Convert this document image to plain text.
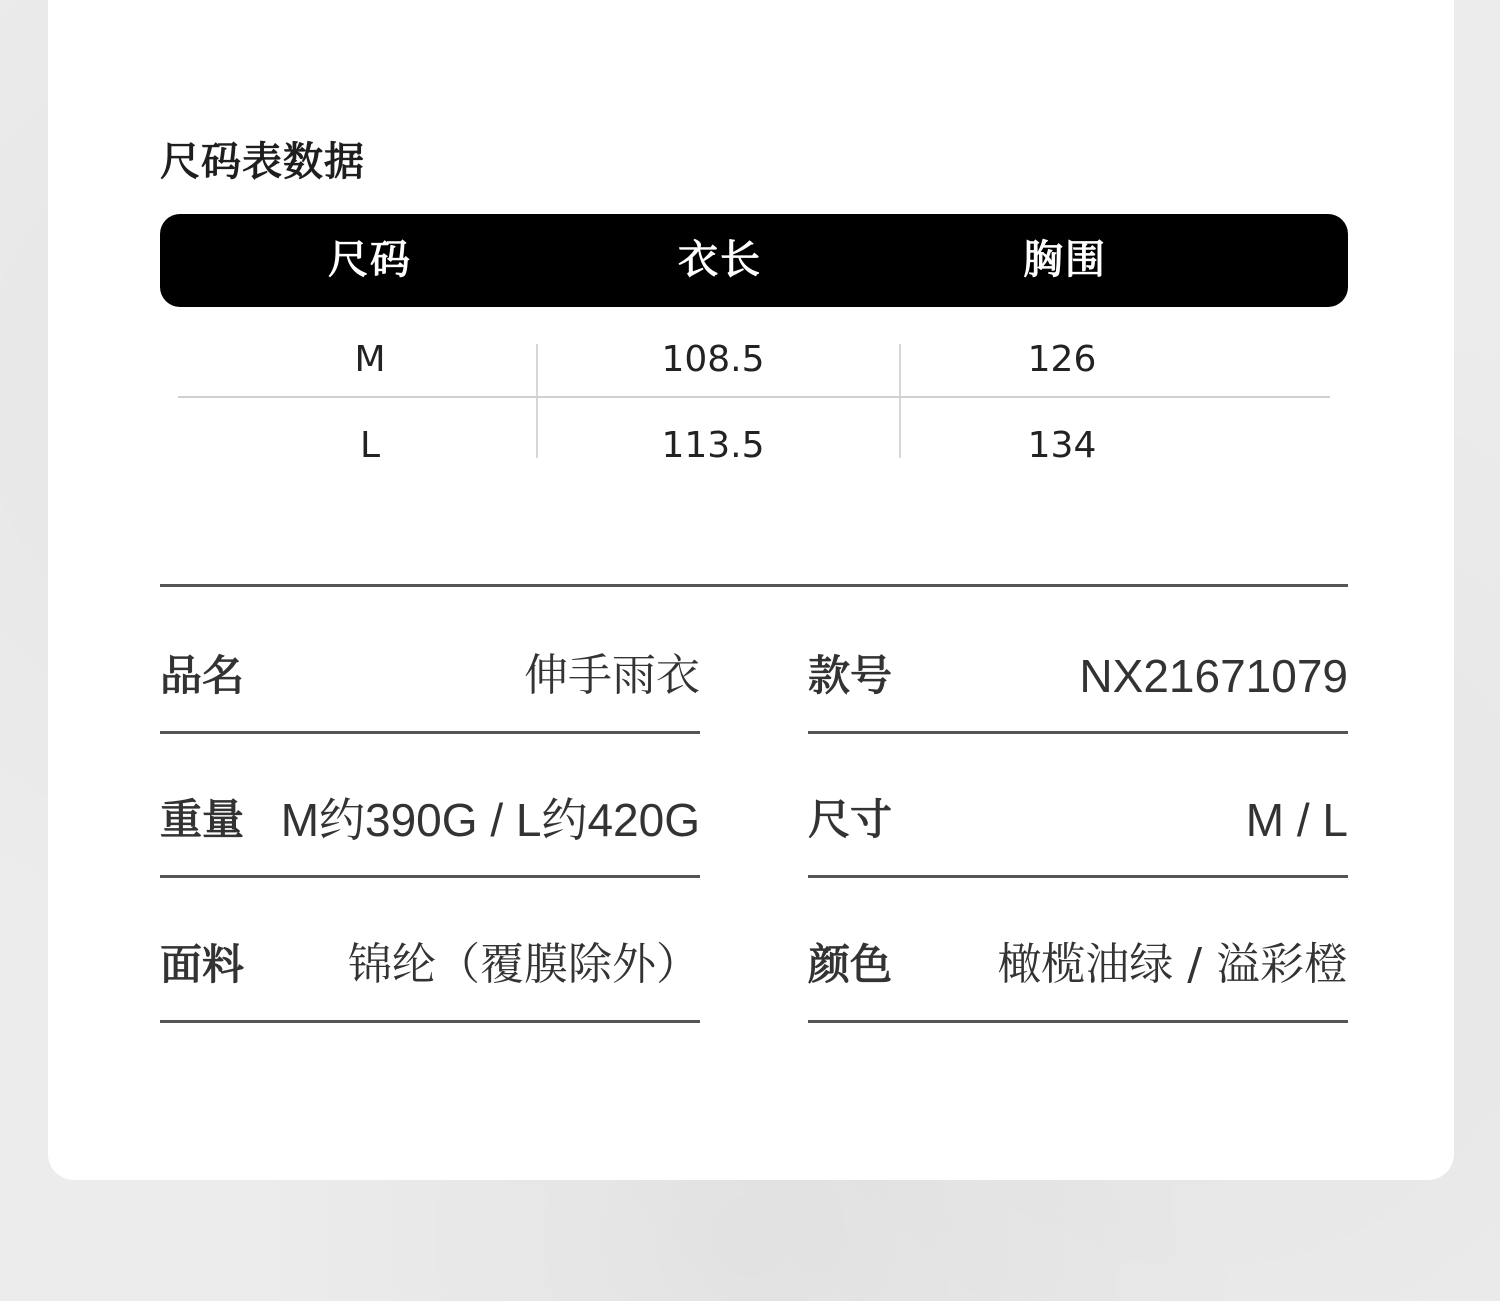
尺码表数据
尺码	衣长	胸围
M	108.5	126
L	113.5	134
品名	伸手雨衣	款号	NX21671079
重量 M约390G / L约420G	尺寸	M / L
面料 锦纶（覆膜除外）	颜色 橄榄油绿 / 溢彩橙
